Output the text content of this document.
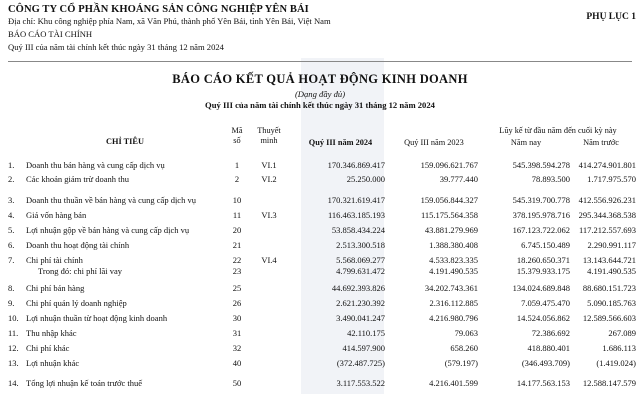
CÔNG TY CỔ PHẦN KHOÁNG SẢN CÔNG NGHIỆP YÊN BÁI
Địa chỉ: Khu công nghiệp phía Nam, xã Văn Phú, thành phố Yên Bái, tỉnh Yên Bái, Việt Nam
BÁO CÁO TÀI CHÍNH
Quý III của năm tài chính kết thúc ngày 31 tháng 12 năm 2024
PHỤ LỤC 1
BÁO CÁO KẾT QUẢ HOẠT ĐỘNG KINH DOANH
(Dạng đầy đủ)
Quý III của năm tài chính kết thúc ngày 31 tháng 12 năm 2024
CHỈ TIÊU
Mã
số
Thuyết
minh	Quý III năm 2024	Quý III năm 2023
Lũy kế từ đầu năm đến cuối kỳ này
Năm nay	Năm trước
1.	Doanh thu bán hàng và cung cấp dịch vụ	1	VI.1	170.346.869.417	159.096.621.767	545.398.594.278	414.274.901.801
2.	Các khoản giảm trừ doanh thu	2	VI.2	25.250.000	39.777.440	78.893.500	1.717.975.570
3.	Doanh thu thuần về bán hàng và cung cấp dịch vụ	10	170.321.619.417	159.056.844.327	545.319.700.778	412.556.926.231
4.	Giá vốn hàng bán	11	VI.3	116.463.185.193	115.175.564.358	378.195.978.716	295.344.368.538
5.	Lợi nhuận gộp về bán hàng và cung cấp dịch vụ	20	53.858.434.224	43.881.279.969	167.123.722.062	117.212.557.693
6.	Doanh thu hoạt động tài chính	21	2.513.300.518	1.388.380.408	6.745.150.489	2.290.991.117
7.	Chi phí tài chính	22	VI.4	5.568.069.277	4.533.823.335	18.260.650.371	13.143.644.721
Trong đó: chi phí lãi vay	23	4.799.631.472	4.191.490.535	15.379.933.175	4.191.490.535
8.	Chi phí bán hàng	25	44.692.393.826	34.202.743.361	134.024.689.848	88.680.151.723
9.	Chi phí quản lý doanh nghiệp	26	2.621.230.392	2.316.112.885	7.059.475.470	5.090.185.763
10. Lợi nhuận thuần từ hoạt động kinh doanh	30	3.490.041.247	4.216.980.796	14.524.056.862	12.589.566.603
11. Thu nhập khác	31	42.110.175	79.063	72.386.692	267.089
12. Chi phí khác	32	414.597.900	658.260	418.880.401	1.686.113
13. Lợi nhuận khác	40	(372.487.725)	(579.197)	(346.493.709)	(1.419.024)
14. Tổng lợi nhuận kế toán trước thuế	50	3.117.553.522	4.216.401.599	14.177.563.153	12.588.147.579
